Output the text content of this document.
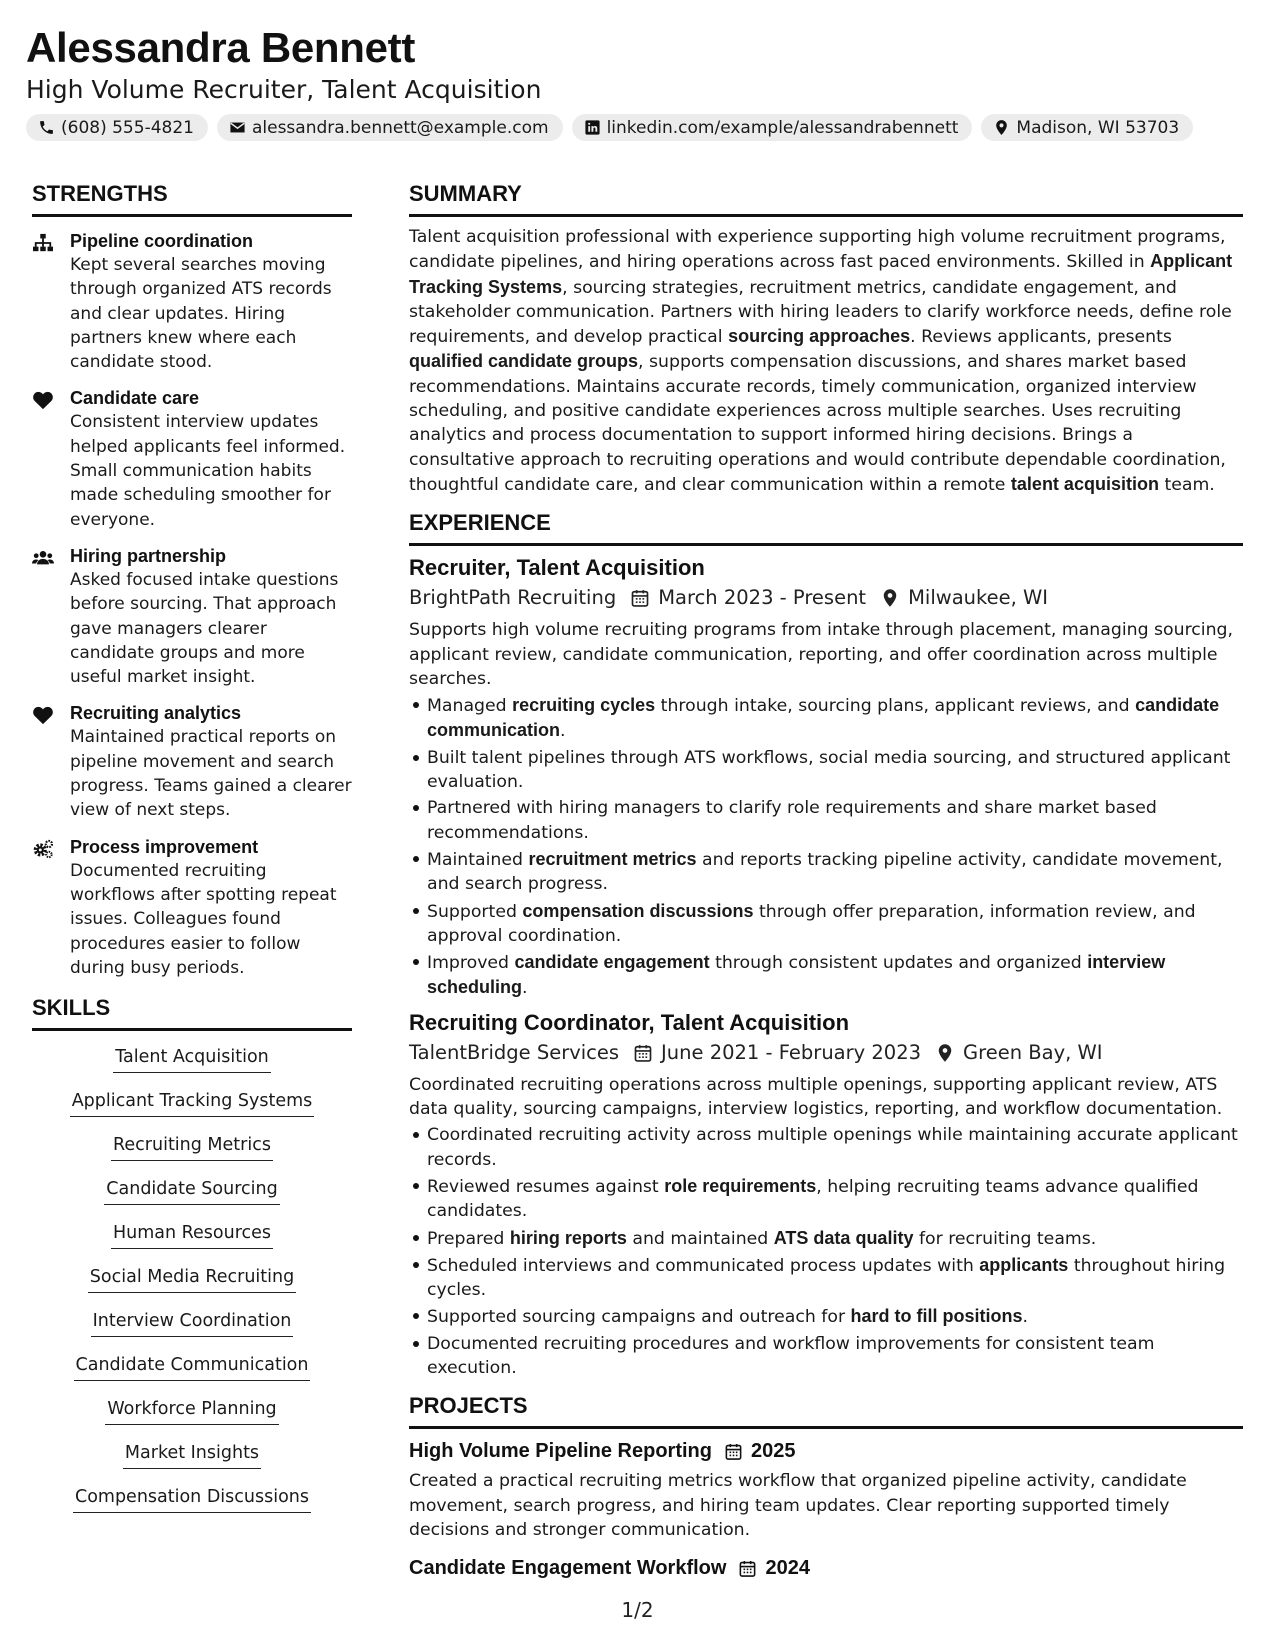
Alessandra Bennett
High Volume Recruiter, Talent Acquisition
(608) 555-4821	alessandra.bennett@example.com	linkedin.com/example/alessandrabennett	Madison, WI 53703
STRENGTHS
Pipeline coordination
Kept several searches moving through organized ATS records and clear updates. Hiring partners knew where each candidate stood.
Candidate care
Consistent interview updates helped applicants feel informed. Small communication habits made scheduling smoother for everyone.
Hiring partnership
Asked focused intake questions before sourcing. That approach gave managers clearer candidate groups and more useful market insight.
Recruiting analytics
Maintained practical reports on pipeline movement and search progress. Teams gained a clearer view of next steps.
Process improvement
Documented recruiting workflows after spotting repeat issues. Colleagues found procedures easier to follow during busy periods.
SKILLS
Talent Acquisition
Applicant Tracking Systems
Recruiting Metrics
Candidate Sourcing
Human Resources
Social Media Recruiting
Interview Coordination
Candidate Communication
Workforce Planning
Market Insights
Compensation Discussions
SUMMARY

Talent acquisition professional with experience supporting high volume recruitment programs, candidate pipelines, and hiring operations across fast paced environments. Skilled in Applicant Tracking Systems, sourcing strategies, recruitment metrics, candidate engagement, and stakeholder communication. Partners with hiring leaders to clarify workforce needs, define role requirements, and develop practical sourcing approaches. Reviews applicants, presents qualified candidate groups, supports compensation discussions, and shares market based recommendations. Maintains accurate records, timely communication, organized interview scheduling, and positive candidate experiences across multiple searches. Uses recruiting analytics and process documentation to support informed hiring decisions. Brings a consultative approach to recruiting operations and would contribute dependable coordination, thoughtful candidate care, and clear communication within a remote talent acquisition team.

EXPERIENCE
Recruiter, Talent Acquisition
BrightPath Recruiting March 2023 - Present Milwaukee, WI

Supports high volume recruiting programs from intake through placement, managing sourcing, applicant review, candidate communication, reporting, and offer coordination across multiple searches.

Managed recruiting cycles through intake, sourcing plans, applicant reviews, and candidate communication.
Built talent pipelines through ATS workflows, social media sourcing, and structured applicant evaluation.
Partnered with hiring managers to clarify role requirements and share market based recommendations.
Maintained recruitment metrics and reports tracking pipeline activity, candidate movement, and search progress.
Supported compensation discussions through offer preparation, information review, and approval coordination.
Improved candidate engagement through consistent updates and organized interview scheduling.
Recruiting Coordinator, Talent Acquisition
TalentBridge Services June 2021 - February 2023 Green Bay, WI

Coordinated recruiting operations across multiple openings, supporting applicant review, ATS data quality, sourcing campaigns, interview logistics, reporting, and workflow documentation.

Coordinated recruiting activity across multiple openings while maintaining accurate applicant records.
Reviewed resumes against role requirements, helping recruiting teams advance qualified candidates.
Prepared hiring reports and maintained ATS data quality for recruiting teams.
Scheduled interviews and communicated process updates with applicants throughout hiring cycles.
Supported sourcing campaigns and outreach for hard to fill positions.
Documented recruiting procedures and workflow improvements for consistent team execution.
PROJECTS
High Volume Pipeline Reporting 2025

Created a practical recruiting metrics workflow that organized pipeline activity, candidate movement, search progress, and hiring team updates. Clear reporting supported timely decisions and stronger communication.

Candidate Engagement Workflow 2024
1/2
